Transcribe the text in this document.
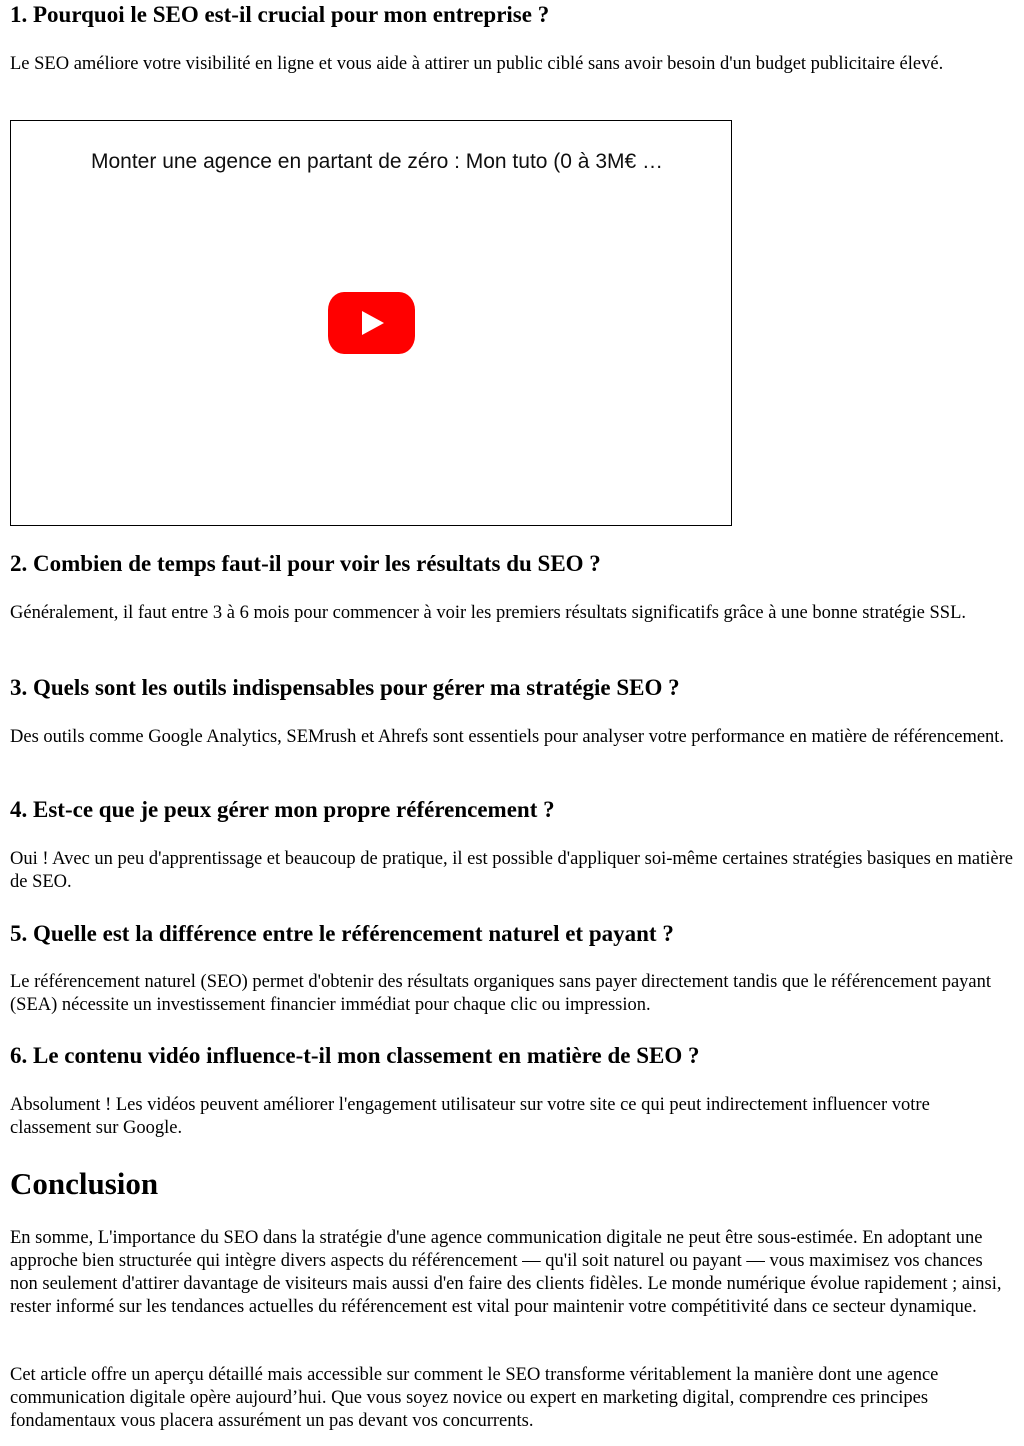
1. Pourquoi le SEO est-il crucial pour mon entreprise ?

Le SEO améliore votre visibilité en ligne et vous aide à attirer un public ciblé sans avoir besoin d'un budget publicitaire élevé.

Monter une agence en partant de zéro : Mon tuto (0 à 3M€ …
2. Combien de temps faut-il pour voir les résultats du SEO ?

Généralement, il faut entre 3 à 6 mois pour commencer à voir les premiers résultats significatifs grâce à une bonne stratégie SSL.

3. Quels sont les outils indispensables pour gérer ma stratégie SEO ?

Des outils comme Google Analytics, SEMrush et Ahrefs sont essentiels pour analyser votre performance en matière de référencement.

4. Est-ce que je peux gérer mon propre référencement ?

Oui ! Avec un peu d'apprentissage et beaucoup de pratique, il est possible d'appliquer soi-même certaines stratégies basiques en matière de SEO.

5. Quelle est la différence entre le référencement naturel et payant ?

Le référencement naturel (SEO) permet d'obtenir des résultats organiques sans payer directement tandis que le référencement payant (SEA) nécessite un investissement financier immédiat pour chaque clic ou impression.

6. Le contenu vidéo influence-t-il mon classement en matière de SEO ?

Absolument ! Les vidéos peuvent améliorer l'engagement utilisateur sur votre site ce qui peut indirectement influencer votre classement sur Google.

Conclusion

En somme, L'importance du SEO dans la stratégie d'une agence communication digitale ne peut être sous-estimée. En adoptant une approche bien structurée qui intègre divers aspects du référencement — qu'il soit naturel ou payant — vous maximisez vos chances non seulement d'attirer davantage de visiteurs mais aussi d'en faire des clients fidèles. Le monde numérique évolue rapidement ; ainsi, rester informé sur les tendances actuelles du référencement est vital pour maintenir votre compétitivité dans ce secteur dynamique.

Cet article offre un aperçu détaillé mais accessible sur comment le SEO transforme véritablement la manière dont une agence communication digitale opère aujourd’hui. Que vous soyez novice ou expert en marketing digital, comprendre ces principes fondamentaux vous placera assurément un pas devant vos concurrents.
